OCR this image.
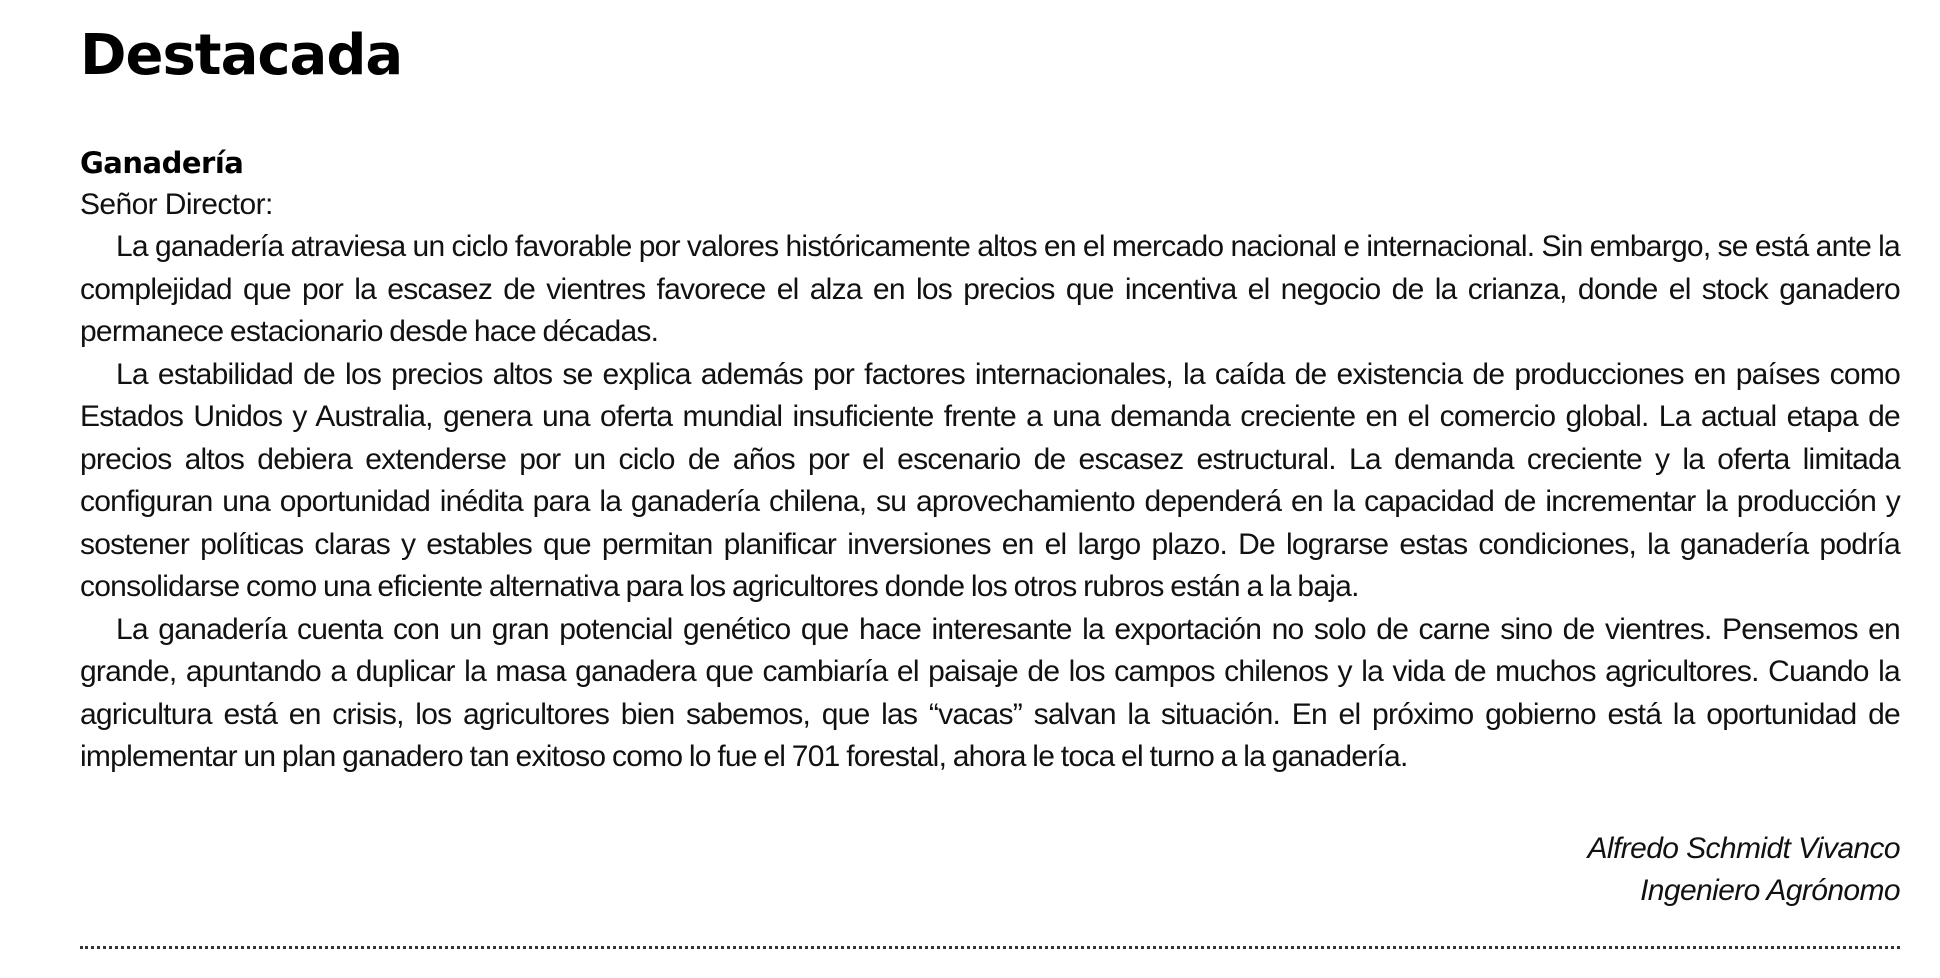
Destacada
Ganadería

Señor Director:

La ganadería atraviesa un ciclo favorable por valores históricamente altos en el mercado nacional e internacional. Sin embargo, se está ante la complejidad que por la escasez de vientres favorece el alza en los precios que incentiva el negocio de la crianza, donde el stock ganadero permanece estacionario desde hace décadas.

La estabilidad de los precios altos se explica además por factores internacionales, la caída de existencia de producciones en países como Estados Unidos y Australia, genera una oferta mundial insuficiente frente a una demanda creciente en el comercio global. La actual etapa de precios altos debiera extenderse por un ciclo de años por el escenario de escasez estructural. La demanda creciente y la oferta limitada configuran una oportunidad inédita para la ganadería chilena, su aprovechamiento dependerá en la capacidad de incrementar la producción y sostener políticas claras y estables que permitan planificar inversiones en el largo plazo. De lograrse estas condiciones, la ganadería podría consolidarse como una eficiente alternativa para los agricultores donde los otros rubros están a la baja.

La ganadería cuenta con un gran potencial genético que hace interesante la exportación no solo de carne sino de vientres. Pensemos en grande, apuntando a duplicar la masa ganadera que cambiaría el paisaje de los campos chilenos y la vida de muchos agricultores. Cuando la agricultura está en crisis, los agricultores bien sabemos, que las “vacas” salvan la situación. En el próximo gobierno está la oportunidad de implementar un plan ganadero tan exitoso como lo fue el 701 forestal, ahora le toca el turno a la ganadería.

Alfredo Schmidt Vivanco
Ingeniero Agrónomo
